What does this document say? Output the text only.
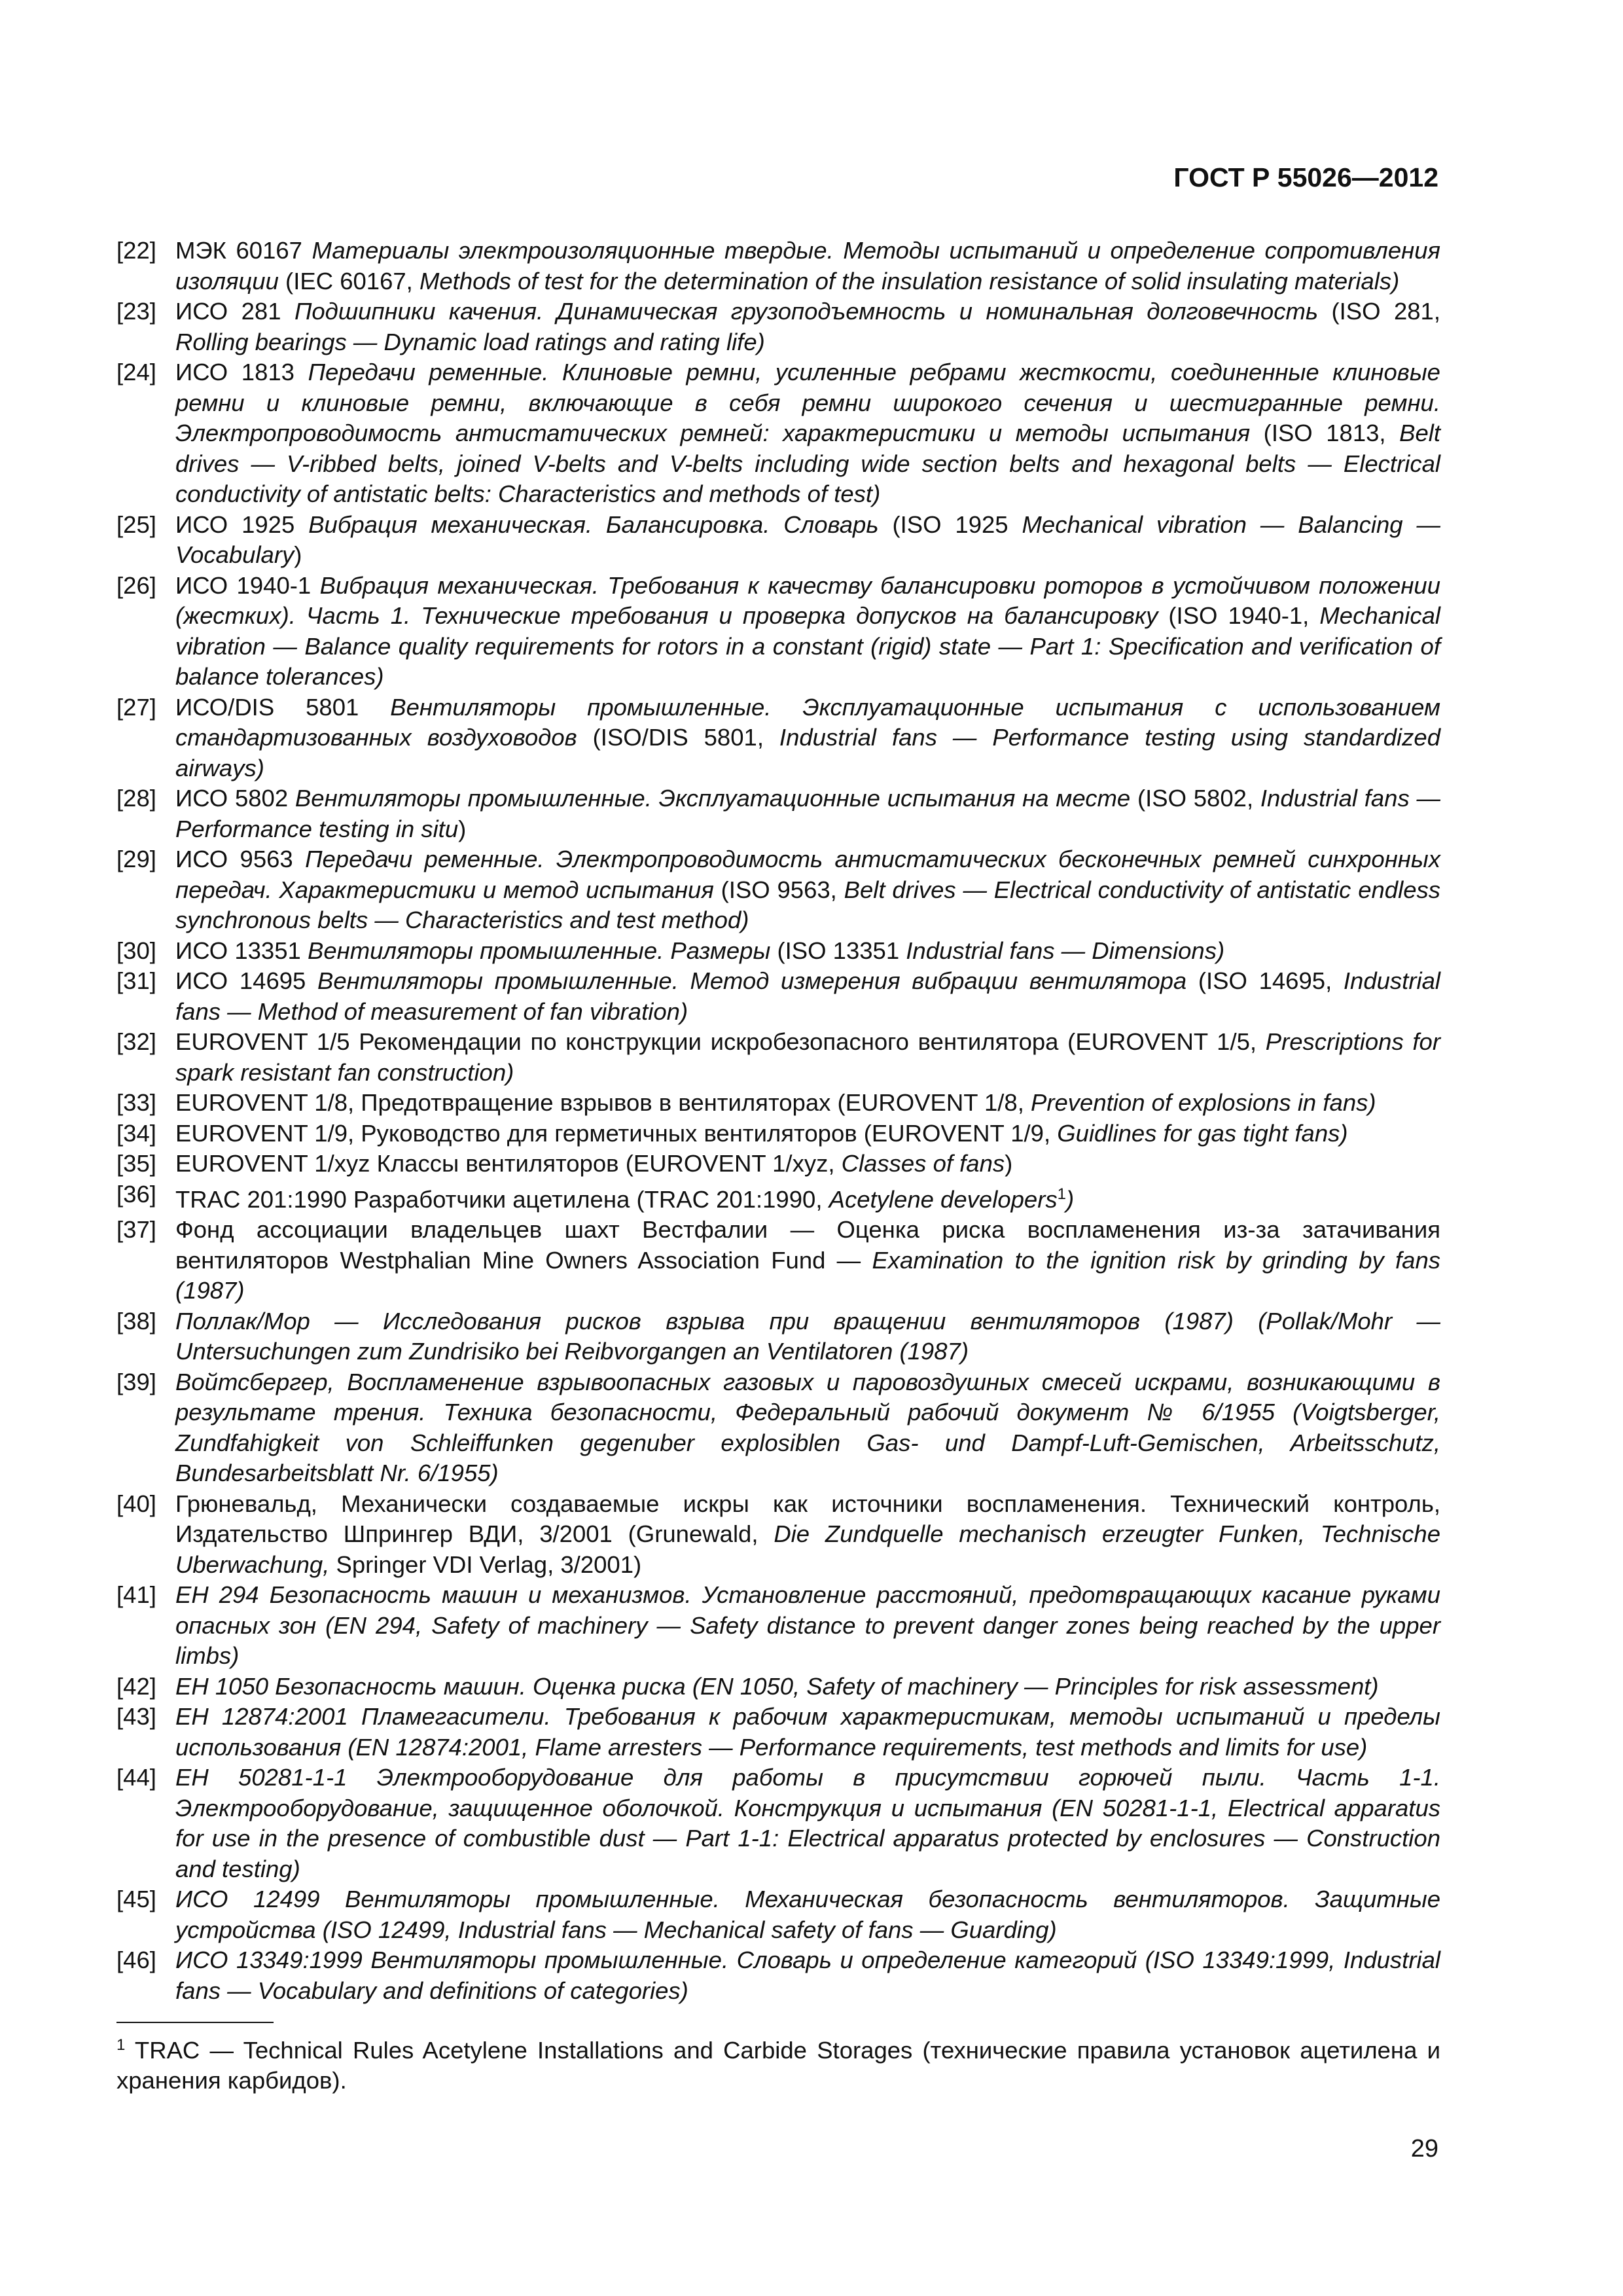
ГОСТ Р 55026—2012
[22] МЭК 60167 Материалы электроизоляционные твердые. Методы испытаний и определение сопротивления изоляции (IEC 60167, Methods of test for the determination of the insulation resistance of solid insulating materials)
[23] ИСО 281 Подшипники качения. Динамическая грузоподъемность и номинальная долговечность (ISO 281, Rolling bearings — Dynamic load ratings and rating life)
[24] ИСО 1813 Передачи ременные. Клиновые ремни, усиленные ребрами жесткости, соединенные клиновые ремни и клиновые ремни, включающие в себя ремни широкого сечения и шестигранные ремни. Электропроводимость антистатических ремней: характеристики и методы испытания (ISO 1813, Belt drives — V-ribbed belts, joined V-belts and V-belts including wide section belts and hexagonal belts — Electrical conductivity of antistatic belts: Characteristics and methods of test)
[25] ИСО 1925 Вибрация механическая. Балансировка. Словарь (ISO 1925 Mechanical vibration — Balancing — Vocabulary)
[26] ИСО 1940-1 Вибрация механическая. Требования к качеству балансировки роторов в устойчивом положении (жестких). Часть 1. Технические требования и проверка допусков на балансировку (ISO 1940-1, Mechanical vibration — Balance quality requirements for rotors in a constant (rigid) state — Part 1: Specification and verification of balance tolerances)
[27] ИСО/DIS 5801 Вентиляторы промышленные. Эксплуатационные испытания с использованием стандартизованных воздуховодов (ISO/DIS 5801, Industrial fans — Performance testing using standardized airways)
[28] ИСО 5802 Вентиляторы промышленные. Эксплуатационные испытания на месте (ISO 5802, Industrial fans — Performance testing in situ)
[29] ИСО 9563 Передачи ременные. Электропроводимость антистатических бесконечных ремней синхронных передач. Характеристики и метод испытания (ISO 9563, Belt drives — Electrical conductivity of antistatic endless synchronous belts — Characteristics and test method)
[30] ИСО 13351 Вентиляторы промышленные. Размеры (ISO 13351 Industrial fans — Dimensions)
[31] ИСО 14695 Вентиляторы промышленные. Метод измерения вибрации вентилятора (ISO 14695, Industrial fans — Method of measurement of fan vibration)
[32] EUROVENT 1/5 Рекомендации по конструкции искробезопасного вентилятора (EUROVENT 1/5, Prescriptions for spark resistant fan construction)
[33] EUROVENT 1/8, Предотвращение взрывов в вентиляторах (EUROVENT 1/8, Prevention of explosions in fans)
[34] EUROVENT 1/9, Руководство для герметичных вентиляторов (EUROVENT 1/9, Guidlines for gas tight fans)
[35] EUROVENT 1/xyz Классы вентиляторов (EUROVENT 1/xyz, Classes of fans)
[36] TRAC 201:1990 Разработчики ацетилена (TRAC 201:1990, Acetylene developers$^1$)
[37] Фонд ассоциации владельцев шахт Вестфалии — Оценка риска воспламенения из-за затачивания вентиляторов Westphalian Mine Owners Association Fund — Examination to the ignition risk by grinding by fans (1987)
[38] Поллак/Мор — Исследования рисков взрыва при вращении вентиляторов (1987) (Pollak/Mohr — Untersuchungen zum Zundrisiko bei Reibvorgangen an Ventilatoren (1987)
[39] Войтсбергер, Воспламенение взрывоопасных газовых и паровоздушных смесей искрами, возникающими в результате трения. Техника безопасности, Федеральный рабочий документ № 6/1955 (Voigtsberger, Zundfahigkeit von Schleiffunken gegenuber explosiblen Gas- und Dampf-Luft-Gemischen, Arbeitsschutz, Bundesarbeitsblatt Nr. 6/1955)
[40] Грюневальд, Механически создаваемые искры как источники воспламенения. Технический контроль, Издательство Шпрингер ВДИ, 3/2001 (Grunewald, Die Zundquelle mechanisch erzeugter Funken, Technische Uberwachung, Springer VDI Verlag, 3/2001)
[41] ЕН 294 Безопасность машин и механизмов. Установление расстояний, предотвращающих касание руками опасных зон (EN 294, Safety of machinery — Safety distance to prevent danger zones being reached by the upper limbs)
[42] ЕН 1050 Безопасность машин. Оценка риска (EN 1050, Safety of machinery — Principles for risk assessment)
[43] ЕН 12874:2001 Пламегасители. Требования к рабочим характеристикам, методы испытаний и пределы использования (EN 12874:2001, Flame arresters — Performance requirements, test methods and limits for use)
[44] ЕН 50281-1-1 Электрооборудование для работы в присутствии горючей пыли. Часть 1-1. Электрооборудование, защищенное оболочкой. Конструкция и испытания (EN 50281-1-1, Electrical apparatus for use in the presence of combustible dust — Part 1-1: Electrical apparatus protected by enclosures — Construction and testing)
[45] ИСО 12499 Вентиляторы промышленные. Механическая безопасность вентиляторов. Защитные устройства (ISO 12499, Industrial fans — Mechanical safety of fans — Guarding)
[46] ИСО 13349:1999 Вентиляторы промышленные. Словарь и определение категорий (ISO 13349:1999, Industrial fans — Vocabulary and definitions of categories)
$^1$ TRAC — Technical Rules Acetylene Installations and Carbide Storages (технические правила установок ацетилена и хранения карбидов).
29
